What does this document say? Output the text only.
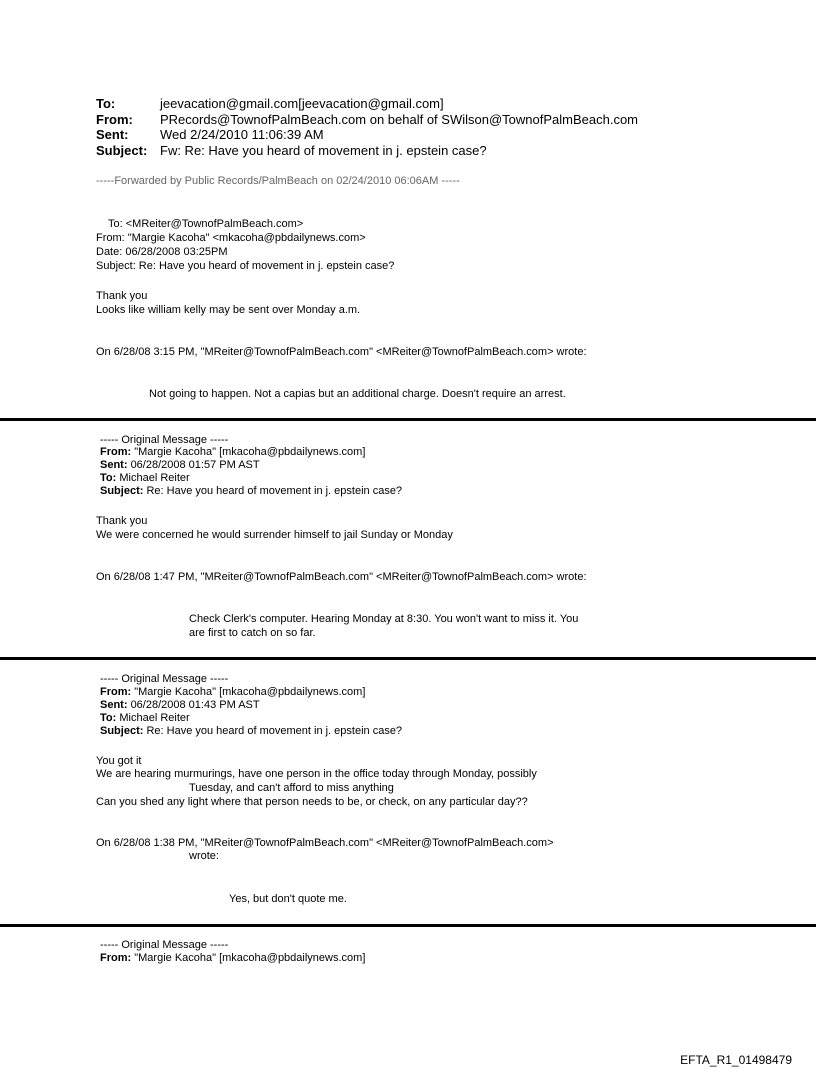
To:	jeevacation@gmail.com[jeevacation@gmail.com]
From: PRecords@TownofPalmBeach.com on behalf of SWilson@TownofPalmBeach.com
Sent: Wed 2/24/2010 11:06:39 AM
Subject: Fw: Re: Have you heard of movement in j. epstein case?
-----Forwarded by Public Records/PalmBeach on 02/24/2010 06:06AM -----
To: <MReiter@TownofPalmBeach.com>
From: "Margie Kacoha" <mkacoha@pbdailynews.com>
Date: 06/28/2008 03:25PM
Subject: Re: Have you heard of movement in j. epstein case?
Thank you
Looks like william kelly may be sent over Monday a.m.
On 6/28/08 3:15 PM, "MReiter@TownofPalmBeach.com" <MReiter@TownofPalmBeach.com> wrote:
Not going to happen. Not a capias but an additional charge. Doesn't require an arrest.
----- Original Message -----
From: "Margie Kacoha" [mkacoha@pbdailynews.com]
Sent: 06/28/2008 01:57 PM AST
To: Michael Reiter
Subject: Re: Have you heard of movement in j. epstein case?
Thank you
We were concerned he would surrender himself to jail Sunday or Monday
On 6/28/08 1:47 PM, "MReiter@TownofPalmBeach.com" <MReiter@TownofPalmBeach.com> wrote:
Check Clerk's computer. Hearing Monday at 8:30. You won't want to miss it. You
are first to catch on so far.
----- Original Message -----
From: "Margie Kacoha" [mkacoha@pbdailynews.com]
Sent: 06/28/2008 01:43 PM AST
To: Michael Reiter
Subject: Re: Have you heard of movement in j. epstein case?
You got it
We are hearing murmurings, have one person in the office today through Monday, possibly
Tuesday, and can't afford to miss anything
Can you shed any light where that person needs to be, or check, on any particular day??
On 6/28/08 1:38 PM, "MReiter@TownofPalmBeach.com" <MReiter@TownofPalmBeach.com>
wrote:
Yes, but don't quote me.
----- Original Message -----
From: "Margie Kacoha" [mkacoha@pbdailynews.com]
EFTA_R1_01498479
